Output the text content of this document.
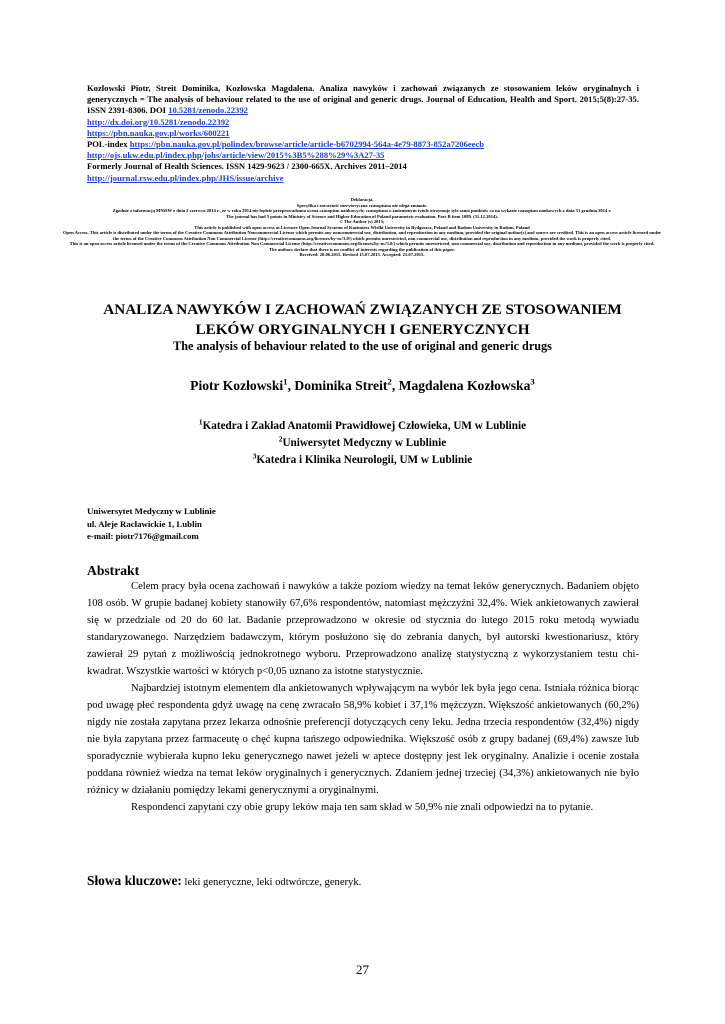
Kozlowski Piotr, Streit Dominika, Kozłowska Magdalena. Analiza nawyków i zachowań związanych ze stosowaniem leków oryginalnych i generycznych = The analysis of behaviour related to the use of original and generic drugs. Journal of Education, Health and Sport. 2015;5(8):27-35. ISSN 2391-8306. DOI 10.5281/zenodo.22392
http://dx.doi.org/10.5281/zenodo.22392
https://pbn.nauka.gov.pl/works/600221
POL-index https://pbn.nauka.gov.pl/polindex/browse/article/article-b6702994-564a-4e79-8873-852a7206eecb
http://ojs.ukw.edu.pl/index.php/johs/article/view/2015%3B5%288%29%3A27-35
Formerly Journal of Health Sciences. ISSN 1429-9623 / 2300-665X. Archives 2011–2014
http://journal.rsw.edu.pl/index.php/JHS/issue/archive
Deklaracja.
Specyfika i zawartość merytoryczna czasopisma nie ulega zmianie.
Zgodnie z informacją MNiSW z dnia 2 czerwca 2014 r., że w roku 2014 nie będzie przeprowadzana ocena czasopism naukowych; czasopismo o zmienionym tytule otrzymuje tyle samo punktów co na wykazie czasopism naukowych z dnia 31 grudnia 2014 r.
The journal has had 5 points in Ministry of Science and Higher Education of Poland parametric evaluation. Part B item 1089. (31.12.2014).
© The Author (s) 2015;
This article is published with open access at Licensee Open Journal Systems of Kazimierz Wielki University in Bydgoszcz, Poland and Radom University in Radom, Poland
Open Access. This article is distributed under the terms of the Creative Commons Attribution Noncommercial License which permits any noncommercial use, distribution, and reproduction in any medium, provided the original author(s) and source are credited. This is an open access article licensed under the terms of the Creative Commons Attribution Non Commercial License (http://creativecommons.org/licenses/by-nc/3.0/) which permits unrestricted, non commercial use, distribution and reproduction in any medium, provided the work is properly cited.
This is an open access article licensed under the terms of the Creative Commons Attribution Non Commercial License (http://creativecommons.org/licenses/by-nc/3.0/) which permits unrestricted, non commercial use, distribution and reproduction in any medium, provided the work is properly cited.
The authors declare that there is no conflict of interests regarding the publication of this paper.
Received: 20.06.2015. Revised 15.07.2015. Accepted: 25.07.2015.
ANALIZA NAWYKÓW I ZACHOWAŃ ZWIĄZANYCH ZE STOSOWANIEM
LEKÓW ORYGINALNYCH I GENERYCZNYCH
The analysis of behaviour related to the use of original and generic drugs
Piotr Kozłowski$^1$, Dominika Streit$^2$, Magdalena Kozłowska$^3$
$^1$Katedra i Zakład Anatomii Prawidłowej Człowieka, UM w Lublinie
$^2$Uniwersytet Medyczny w Lublinie
$^3$Katedra i Klinika Neurologii, UM w Lublinie
Uniwersytet Medyczny w Lublinie
ul. Aleje Racławickie 1, Lublin
e-mail: piotr7176@gmail.com
Abstrakt

Celem pracy była ocena zachowań i nawyków a także poziom wiedzy na temat leków generycznych. Badaniem objęto 108 osób. W grupie badanej kobiety stanowiły 67,6% respondentów, natomiast mężczyźni 32,4%. Wiek ankietowanych zawierał się w przedziale od 20 do 60 lat. Badanie przeprowadzono w okresie od stycznia do lutego 2015 roku metodą wywiadu standaryzowanego. Narzędziem badawczym, którym posłużono się do zebrania danych, był autorski kwestionariusz, który zawierał 29 pytań z możliwością jednokrotnego wyboru. Przeprowadzono analizę statystyczną z wykorzystaniem testu chi-kwadrat. Wszystkie wartości w których p<0,05 uznano za istotne statystycznie.

Najbardziej istotnym elementem dla ankietowanych wpływającym na wybór lek była jego cena. Istniała różnica biorąc pod uwagę płeć respondenta gdyż uwagę na cenę zwracało 58,9% kobiet i 37,1% mężczyzn. Większość ankietowanych (60,2%) nigdy nie została zapytana przez lekarza odnośnie preferencji dotyczących ceny leku. Jedna trzecia respondentów (32,4%) nigdy nie była zapytana przez farmaceutę o chęć kupna tańszego odpowiednika. Większość osób z grupy badanej (69,4%) zawsze lub sporadycznie wybierała kupno leku generycznego nawet jeżeli w aptece dostępny jest lek oryginalny. Analizie i ocenie została poddana również wiedza na temat leków oryginalnych i generycznych. Zdaniem jednej trzeciej (34,3%) ankietowanych nie było różnicy w działaniu pomiędzy lekami generycznymi a oryginalnymi.

Respondenci zapytani czy obie grupy leków maja ten sam skład w 50,9% nie znali odpowiedzi na to pytanie.

Słowa kluczowe: leki generyczne, leki odtwórcze, generyk.
27
